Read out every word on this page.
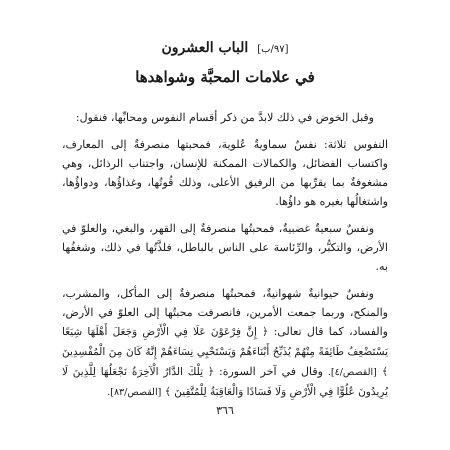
[٩٧/ب] الباب العشرون
في علامات المحبَّة وشواهدها

وقبل الخوض في ذلك لابدَّ من ذكر أقسام النفوس ومحابِّها، فنقول:

النفوس ثلاثة: نفسٌ سماويةٌ عُلوية، فمحبتها منصرفةٌ إلى المعارف، واكتساب الفضائل، والكمالات الممكنة للإنسان، واجتناب الرذائل، وهي مشغوفةٌ بما يقرِّبها من الرفيق الأعلى، وذلك قُوتُها، وغذاؤُها، ودواؤُها، واشتغالُها بغيره هو داؤُها.

ونفسٌ سبعيةٌ غضبيةٌ، فمحبتُها منصرفةٌ إلى القهر، والبغي، والعلوّ في الأرض، والتكبُّر، والرِّئاسة على الناس بالباطل، فلذَّتُها في ذلك، وشغفُها به.

ونفسٌ حيوانيةٌ شهوانيةٌ، فمحبتُها منصرفةٌ إلى المأكل، والمشرب، والمنكح، وربما جمعت الأمرين، فانصرفت محبتُها إلى العلوّ في الأرض، والفساد، كما قال تعالى: ﴿ إِنَّ فِرْعَوْنَ عَلَا فِي الْأَرْضِ وَجَعَلَ أَهْلَهَا شِيَعًا يَسْتَضْعِفُ طَائِفَةً مِنْهُمْ يُذَبِّحُ أَبْنَاءَهُمْ وَيَسْتَحْيِي نِسَاءَهُمْ إِنَّهُ كَانَ مِنَ الْمُفْسِدِينَ ﴾ [القصص/٤]. وقال في آخر السورة: ﴿ تِلْكَ الدَّارُ الْآخِرَةُ نَجْعَلُهَا لِلَّذِينَ لَا يُرِيدُونَ عُلُوًّا فِي الْأَرْضِ وَلَا فَسَادًا وَالْعَاقِبَةُ لِلْمُتَّقِينَ ﴾ [القصص/٨٣].

٣٦٦
